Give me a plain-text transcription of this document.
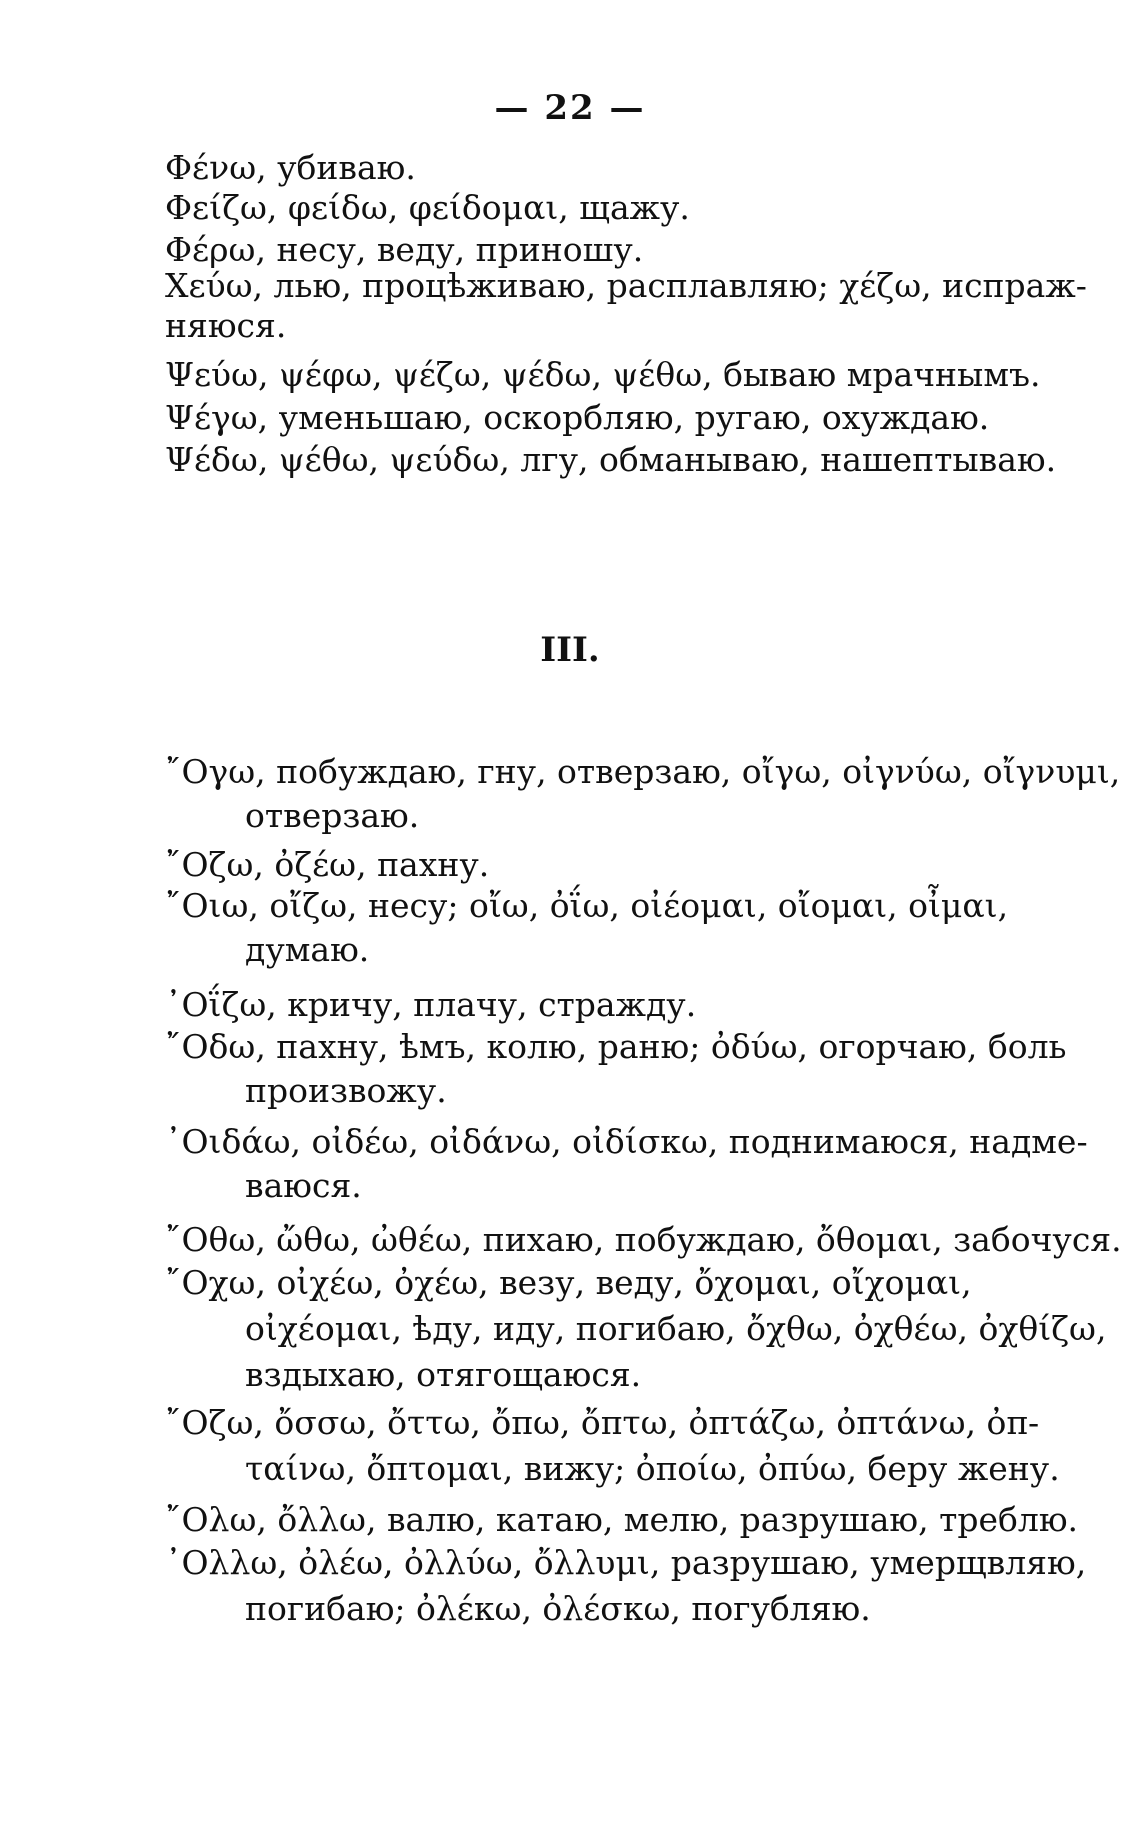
— 22 —
Φένω, убиваю.
Φείζω, φείδω, φείδομαι, щажу.
Φέρω, несу, веду, приношу.
Χεύω, лью, процѣживаю, расплавляю; χέζω, испраж-
няюся.
Ψεύω, ψέφω, ψέζω, ψέδω, ψέθω, бываю мрачнымъ.
Ψέγω, уменьшаю, оскорбляю, ругаю, охуждаю.
Ψέδω, ψέθω, ψεύδω, лгу, обманываю, нашептываю.
III.
῎Ογω, побуждаю, гну, отверзаю, οἴγω, οἰγνύω, οἴγνυμι,
отверзаю.
῎Οζω, ὀζέω, пахну.
῎Οιω, οἴζω, несу; οἴω, ὀΐω, οἰέομαι, οἴομαι, οἶμαι,
думаю.
᾽Οΐζω, кричу, плачу, стражду.
῎Οδω, пахну, ѣмъ, колю, раню; ὀδύω, огорчаю, боль
произвожу.
᾽Οιδάω, οἰδέω, οἰδάνω, οἰδίσκω, поднимаюся, надме-
ваюся.
῎Οθω, ὤθω, ὠθέω, пихаю, побуждаю, ὄθομαι, забочуся.
῎Οχω, οἰχέω, ὀχέω, везу, веду, ὄχομαι, οἴχομαι,
οἰχέομαι, ѣду, иду, погибаю, ὄχθω, ὀχθέω, ὀχθίζω,
вздыхаю, отягощаюся.
῎Οζω, ὄσσω, ὄττω, ὄπω, ὄπτω, ὀπτάζω, ὀπτάνω, ὀπ-
ταίνω, ὄπτομαι, вижу; ὀποίω, ὀπύω, беру жену.
῎Ολω, ὄλλω, валю, катаю, мелю, разрушаю, треблю.
᾽Ολλω, ὀλέω, ὀλλύω, ὄλλυμι, разрушаю, умерщвляю,
погибаю; ὀλέκω, ὀλέσκω, погубляю.
